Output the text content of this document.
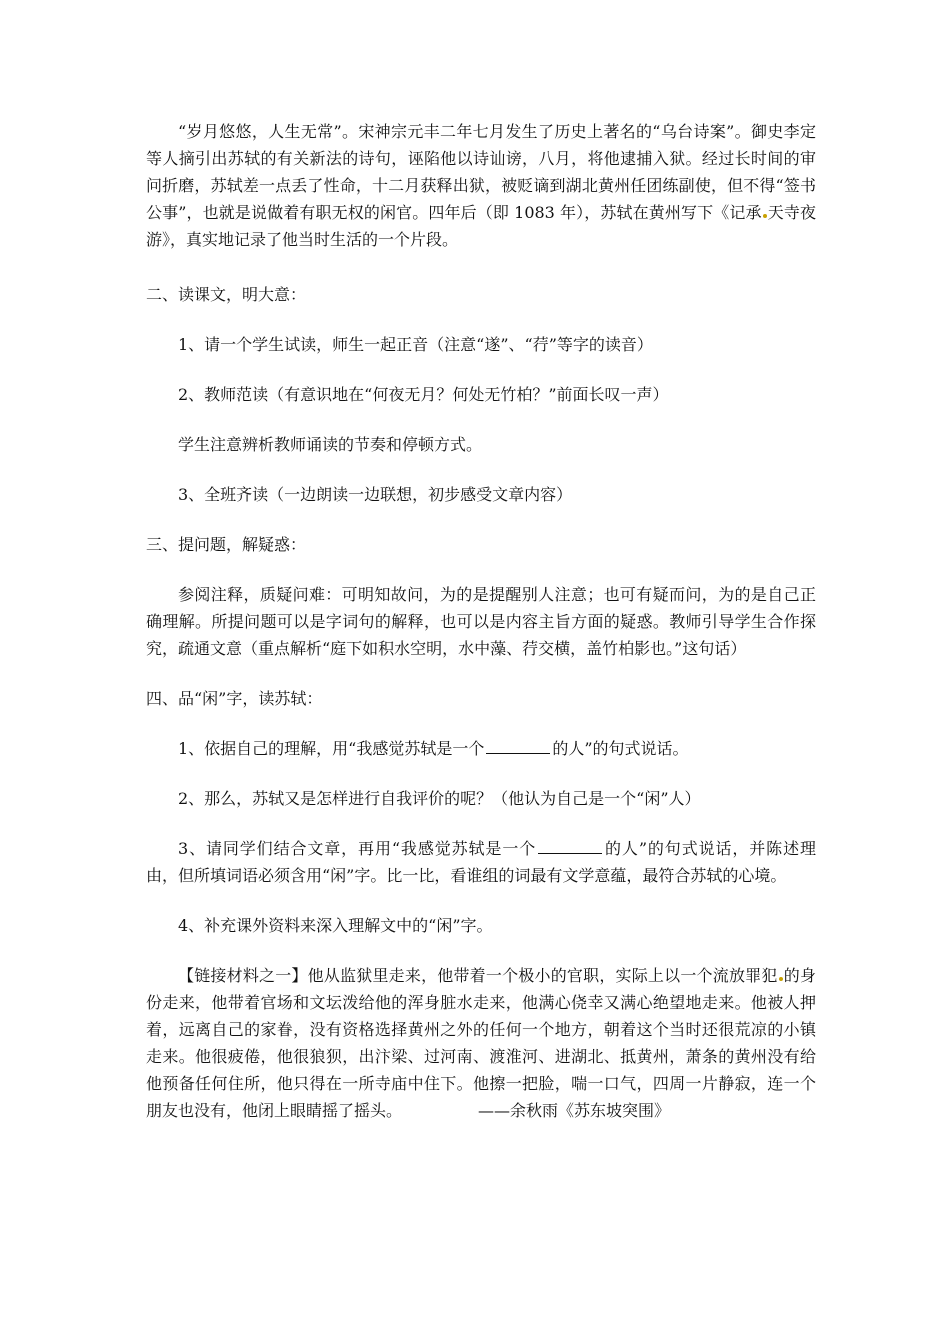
“岁月悠悠，人生无常”。宋神宗元丰二年七月发生了历史上著名的“乌台诗案”。御史李定等人摘引出苏轼的有关新法的诗句，诬陷他以诗讪谤，八月，将他逮捕入狱。经过长时间的审问折磨，苏轼差一点丢了性命，十二月获释出狱，被贬谪到湖北黄州任团练副使，但不得“签书公事”，也就是说做着有职无权的闲官。四年后（即 1083 年），苏轼在黄州写下《记承 天寺夜游》，真实地记录了他当时生活的一个片段。

二、读课文，明大意：

1、请一个学生试读，师生一起正音（注意“遂”、“荇”等字的读音）

2、教师范读（有意识地在“何夜无月？何处无竹柏？”前面长叹一声）

学生注意辨析教师诵读的节奏和停顿方式。

3、全班齐读（一边朗读一边联想，初步感受文章内容）

三、提问题，解疑惑：

参阅注释，质疑问难：可明知故问，为的是提醒别人注意；也可有疑而问，为的是自己正确理解。所提问题可以是字词句的解释，也可以是内容主旨方面的疑惑。教师引导学生合作探究，疏通文意（重点解析“庭下如积水空明，水中藻、荇交横，盖竹柏影也。”这句话）

四、品“闲”字，读苏轼：

1、依据自己的理解，用“我感觉苏轼是一个	的人”的句式说话。

2、那么，苏轼又是怎样进行自我评价的呢？（他认为自己是一个“闲”人）

3、请同学们结合文章，再用“我感觉苏轼是一个	的人”的句式说话，并陈述理由，但所填词语必须含用“闲”字。比一比，看谁组的词最有文学意蕴，最符合苏轼的心境。

4、补充课外资料来深入理解文中的“闲”字。

【链接材料之一】他从监狱里走来，他带着一个极小的官职，实际上以一个流放罪犯 的身份走来，他带着官场和文坛泼给他的浑身脏水走来，他满心侥幸又满心绝望地走来。他被人押着，远离自己的家眷，没有资格选择黄州之外的任何一个地方，朝着这个当时还很荒凉的小镇走来。他很疲倦，他很狼狈，出汴梁、过河南、渡淮河、进湖北、抵黄州，萧条的黄州没有给他预备任何住所，他只得在一所寺庙中住下。他擦一把脸，喘一口气，四周一片静寂，连一个朋友也没有，他闭上眼睛摇了摇头。	——余秋雨《苏东坡突围》
